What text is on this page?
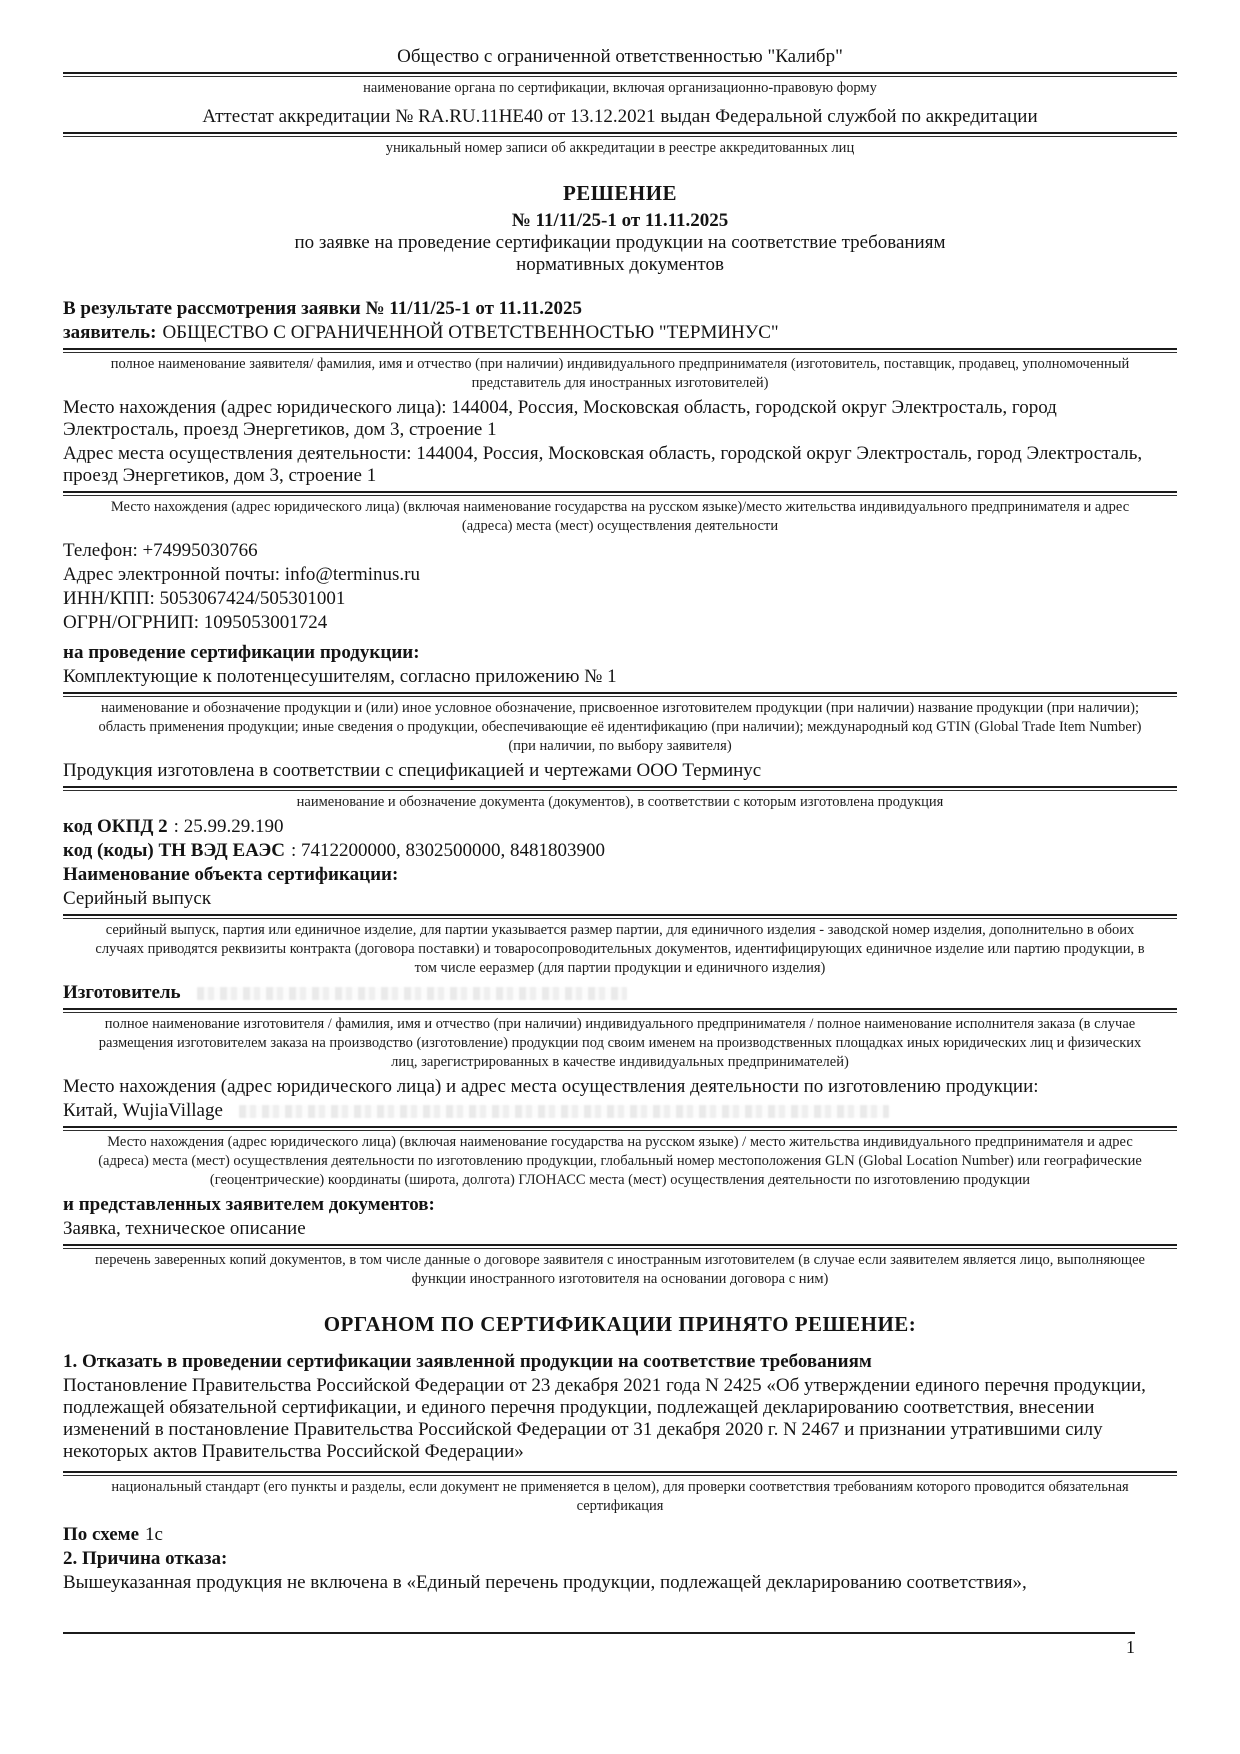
Общество с ограниченной ответственностью "Калибр"
наименование органа по сертификации, включая организационно-правовую форму
Аттестат аккредитации № RA.RU.11НЕ40 от 13.12.2021 выдан Федеральной службой по аккредитации
уникальный номер записи об аккредитации в реестре аккредитованных лиц
РЕШЕНИЕ
№ 11/11/25-1 от 11.11.2025
по заявке на проведение сертификации продукции на соответствие требованиям
нормативных документов
В результате рассмотрения заявки № 11/11/25-1 от 11.11.2025
заявитель: ОБЩЕСТВО С ОГРАНИЧЕННОЙ ОТВЕТСТВЕННОСТЬЮ "ТЕРМИНУС"
полное наименование заявителя/ фамилия, имя и отчество (при наличии) индивидуального предпринимателя (изготовитель, поставщик, продавец, уполномоченный представитель для иностранных изготовителей)
Место нахождения (адрес юридического лица): 144004, Россия, Московская область, городской округ Электросталь, город Электросталь, проезд Энергетиков, дом 3, строение 1
Адрес места осуществления деятельности: 144004, Россия, Московская область, городской округ Электросталь, город Электросталь, проезд Энергетиков, дом 3, строение 1
Место нахождения (адрес юридического лица) (включая наименование государства на русском языке)/место жительства индивидуального предпринимателя и адрес (адреса) места (мест) осуществления деятельности
Телефон: +74995030766
Адрес электронной почты: info@terminus.ru
ИНН/КПП: 5053067424/505301001
ОГРН/ОГРНИП: 1095053001724
на проведение сертификации продукции:
Комплектующие к полотенцесушителям, согласно приложению № 1
наименование и обозначение продукции и (или) иное условное обозначение, присвоенное изготовителем продукции (при наличии) название продукции (при наличии); область применения продукции; иные сведения о продукции, обеспечивающие её идентификацию (при наличии); международный код GTIN (Global Trade Item Number) (при наличии, по выбору заявителя)
Продукция изготовлена в соответствии с спецификацией и чертежами ООО Терминус
наименование и обозначение документа (документов), в соответствии с которым изготовлена продукция
код ОКПД 2 : 25.99.29.190
код (коды) ТН ВЭД ЕАЭС : 7412200000, 8302500000, 8481803900
Наименование объекта сертификации:
Серийный выпуск
серийный выпуск, партия или единичное изделие, для партии указывается размер партии, для единичного изделия - заводской номер изделия, дополнительно в обоих случаях приводятся реквизиты контракта (договора поставки) и товаросопроводительных документов, идентифицирующих единичное изделие или партию продукции, в том числе ееразмер (для партии продукции и единичного изделия)
Изготовитель
полное наименование изготовителя / фамилия, имя и отчество (при наличии) индивидуального предпринимателя / полное наименование исполнителя заказа (в случае размещения изготовителем заказа на производство (изготовление) продукции под своим именем на производственных площадках иных юридических лиц и физических лиц, зарегистрированных в качестве индивидуальных предпринимателей)
Место нахождения (адрес юридического лица) и адрес места осуществления деятельности по изготовлению продукции:
Китай, WujiaVillage
Место нахождения (адрес юридического лица) (включая наименование государства на русском языке) / место жительства индивидуального предпринимателя и адрес (адреса) места (мест) осуществления деятельности по изготовлению продукции, глобальный номер местоположения GLN (Global Location Number) или географические (геоцентрические) координаты (широта, долгота) ГЛОНАСС места (мест) осуществления деятельности по изготовлению продукции
и представленных заявителем документов:
Заявка, техническое описание
перечень заверенных копий документов, в том числе данные о договоре заявителя с иностранным изготовителем (в случае если заявителем является лицо, выполняющее функции иностранного изготовителя на основании договора с ним)
ОРГАНОМ ПО СЕРТИФИКАЦИИ ПРИНЯТО РЕШЕНИЕ:
1. Отказать в проведении сертификации заявленной продукции на соответствие требованиям
Постановление Правительства Российской Федерации от 23 декабря 2021 года N 2425 «Об утверждении единого перечня продукции, подлежащей обязательной сертификации, и единого перечня продукции, подлежащей декларированию соответствия, внесении изменений в постановление Правительства Российской Федерации от 31 декабря 2020 г. N 2467 и признании утратившими силу некоторых актов Правительства Российской Федерации»
национальный стандарт (его пункты и разделы, если документ не применяется в целом), для проверки соответствия требованиям которого проводится обязательная сертификация
По схеме 1с
2. Причина отказа:
Вышеуказанная продукция не включена в «Единый перечень продукции, подлежащей декларированию соответствия»,
1
